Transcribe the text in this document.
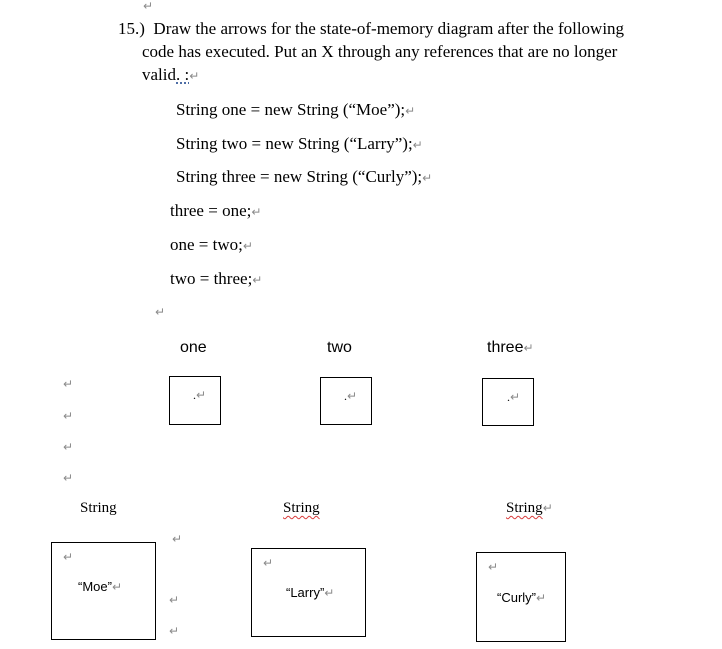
↵
15.) Draw the arrows for the state-of-memory diagram after the following
code has executed. Put an X through any references that are no longer
valid. :↵
String one = new String (“Moe”);↵
String two = new String (“Larry”);↵
String three = new String (“Curly”);↵
three = one;↵
one = two;↵
two = three;↵
↵
one	two	three↵
.↵	.↵	.↵
↵
↵
↵
↵
String	String	String↵
↵
“Moe”↵
↵
“Larry”↵
↵
“Curly”↵
↵
↵
↵
